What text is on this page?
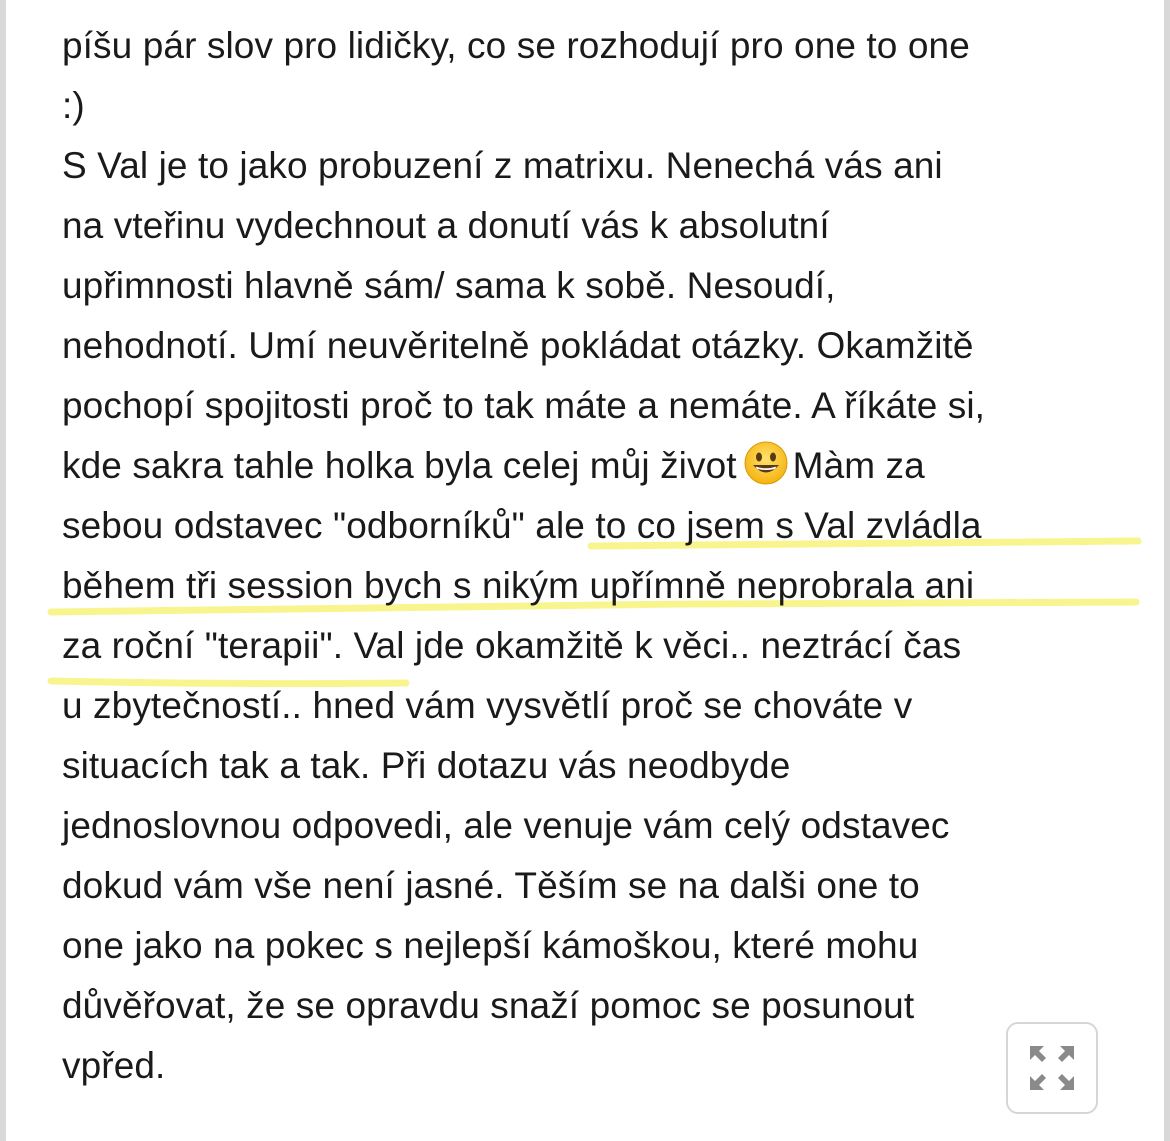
píšu pár slov pro lidičky, co se rozhodují pro one to one
:)
S Val je to jako probuzení z matrixu. Nenechá vás ani
na vteřinu vydechnout a donutí vás k absolutní
upřimnosti hlavně sám/ sama k sobě. Nesoudí,
nehodnotí. Umí neuvěritelně pokládat otázky. Okamžitě
pochopí spojitosti proč to tak máte a nemáte. A říkáte si,
kde sakra tahle holka byla celej můj život Màm za
sebou odstavec "odborníků" ale to co jsem s Val zvládla
během tři session bych s nikým upřímně neprobrala ani
za roční "terapii". Val jde okamžitě k věci.. neztrácí čas
u zbytečností.. hned vám vysvětlí proč se chováte v
situacích tak a tak. Při dotazu vás neodbyde
jednoslovnou odpovedi, ale venuje vám celý odstavec
dokud vám vše není jasné. Těším se na dalši one to
one jako na pokec s nejlepší kámoškou, které mohu
důvěřovat, že se opravdu snaží pomoc se posunout
vpřed.
